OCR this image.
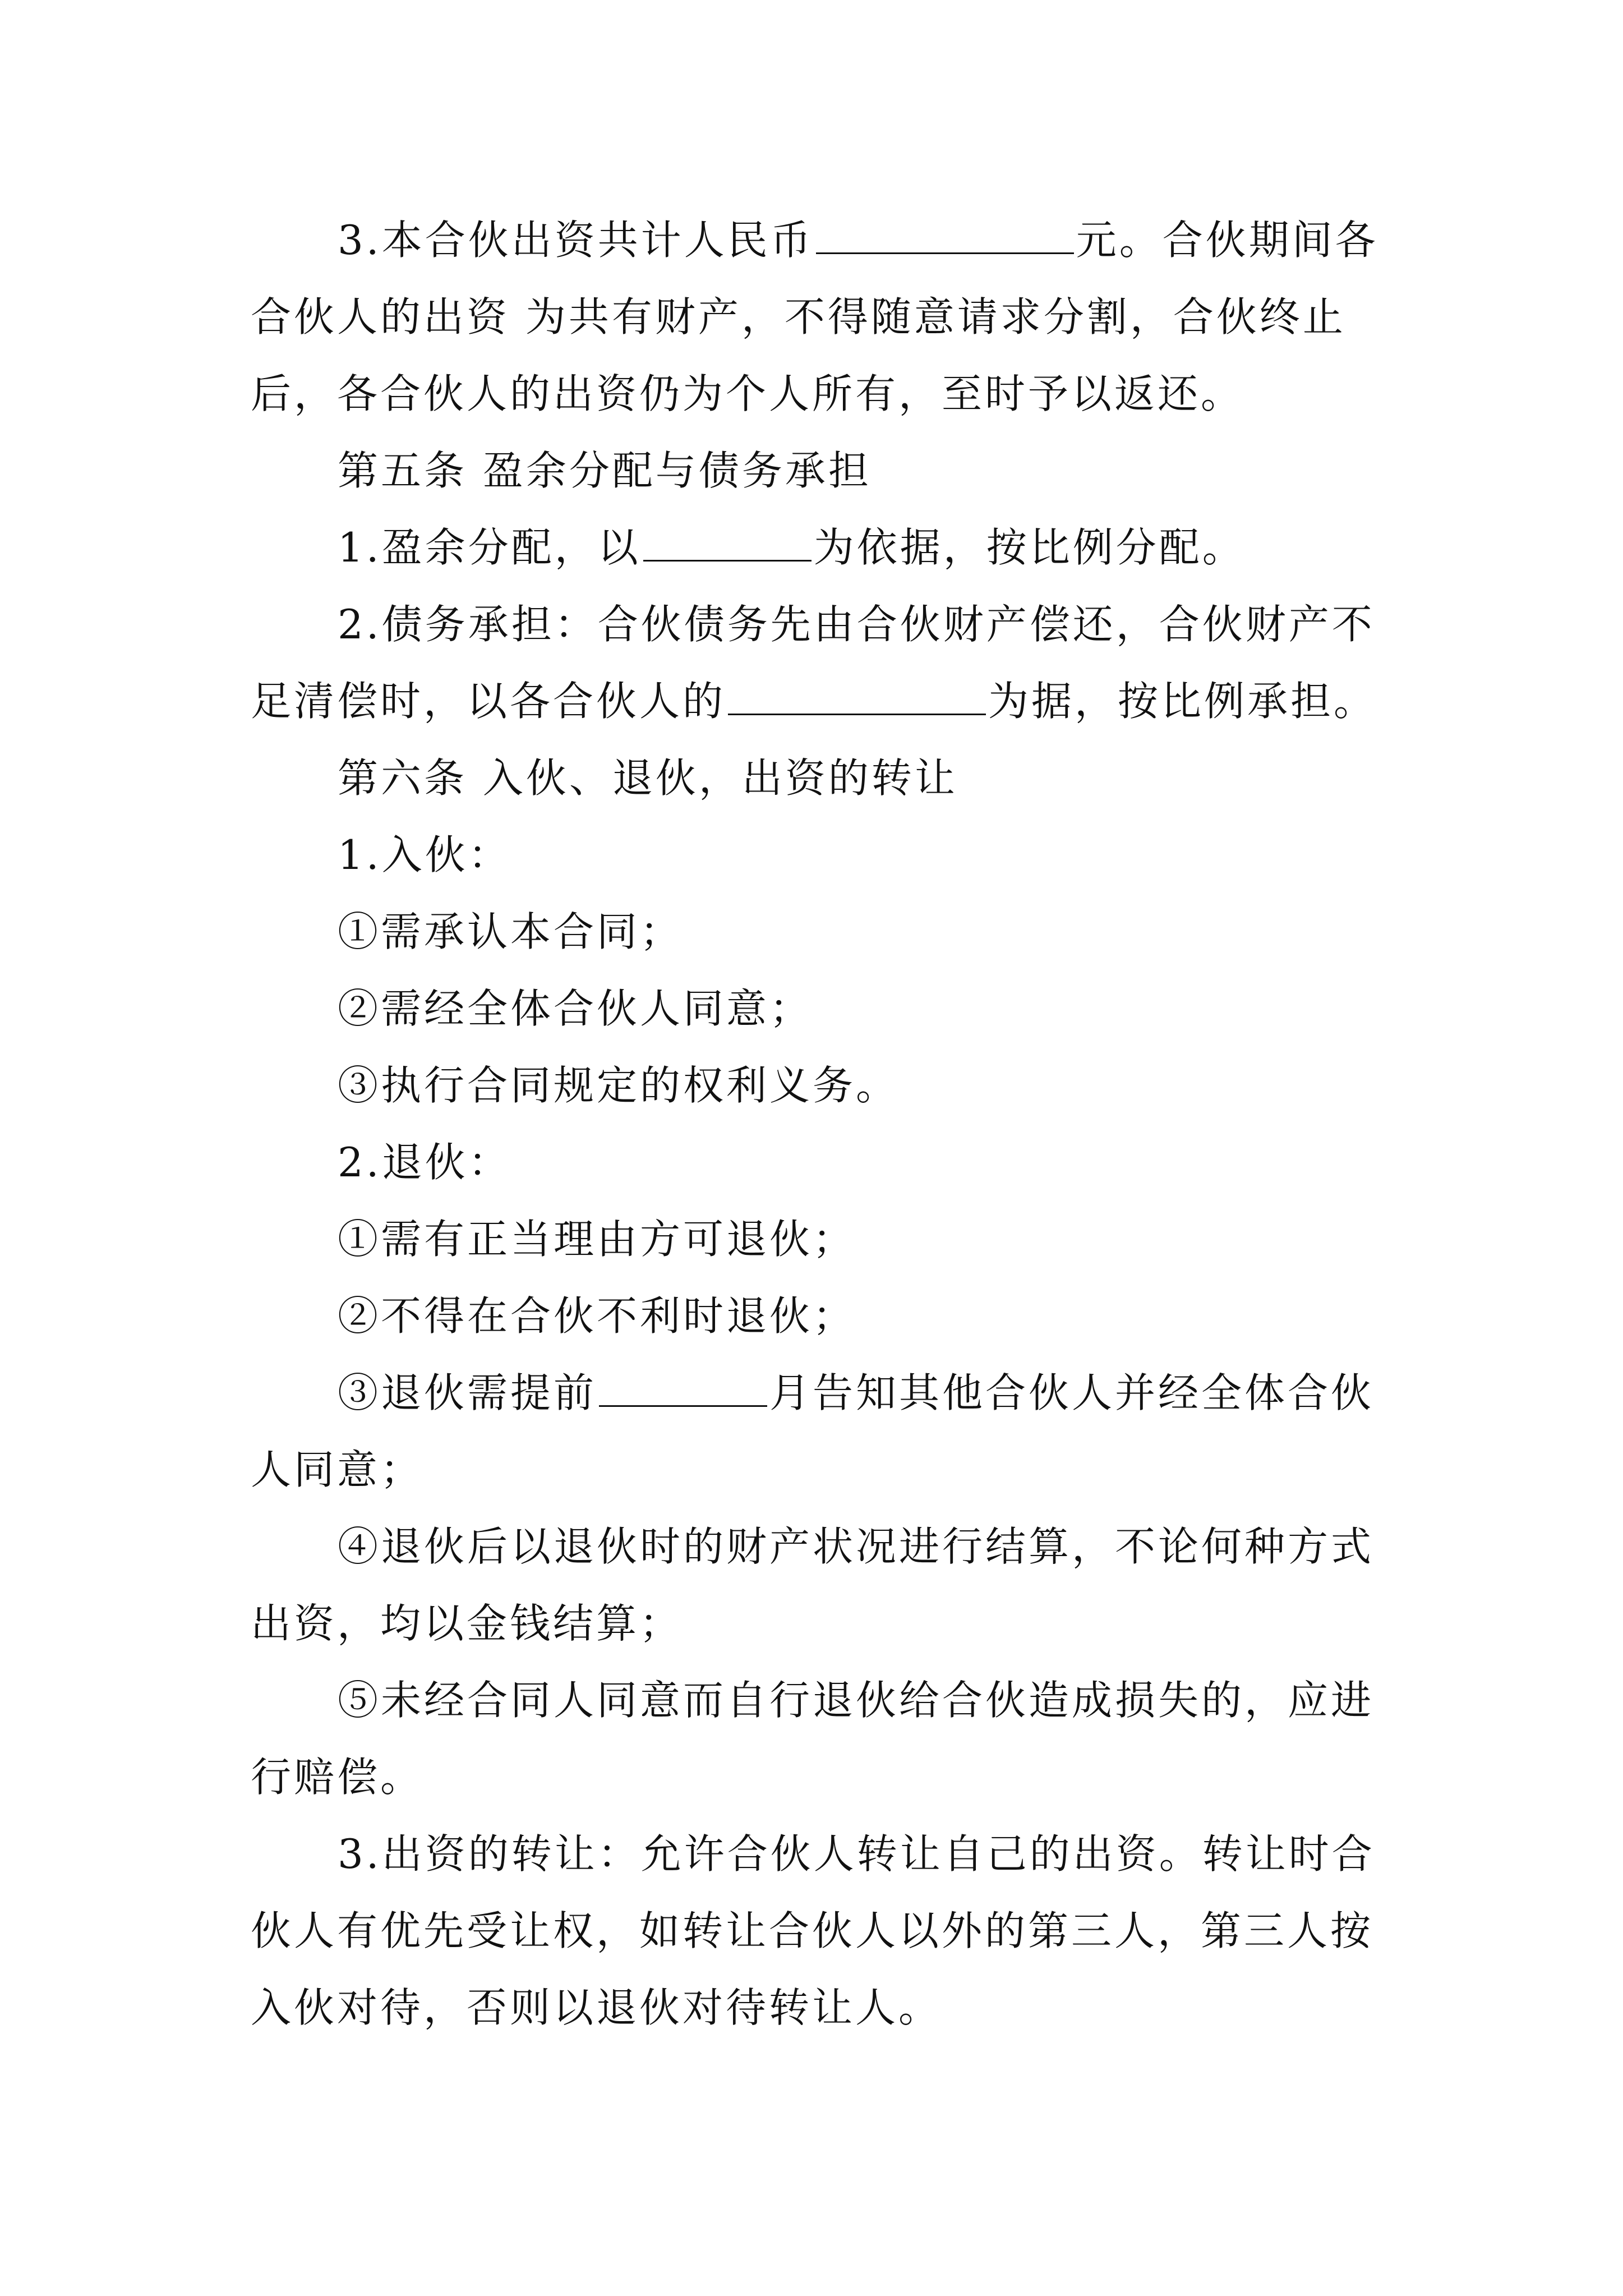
3.本合伙出资共计人民币	元。合伙期间各合伙人的出资 为共有财产，不得随意请求分割，合伙终止后，各合伙人的出资仍为个人所有，至时予以返还。

第五条 盈余分配与债务承担

1.盈余分配，以	为依据，按比例分配。

2.债务承担：合伙债务先由合伙财产偿还，合伙财产不足清偿时，以各合伙人的	为据，按比例承担。

第六条 入伙、退伙，出资的转让

1.入伙：

①需承认本合同；

②需经全体合伙人同意；

③执行合同规定的权利义务。

2.退伙：

①需有正当理由方可退伙；

②不得在合伙不利时退伙；

③退伙需提前	月告知其他合伙人并经全体合伙人同意；

④退伙后以退伙时的财产状况进行结算，不论何种方式出资，均以金钱结算；

⑤未经合同人同意而自行退伙给合伙造成损失的，应进行赔偿。

3.出资的转让：允许合伙人转让自己的出资。转让时合伙人有优先受让权，如转让合伙人以外的第三人，第三人按入伙对待，否则以退伙对待转让人。
